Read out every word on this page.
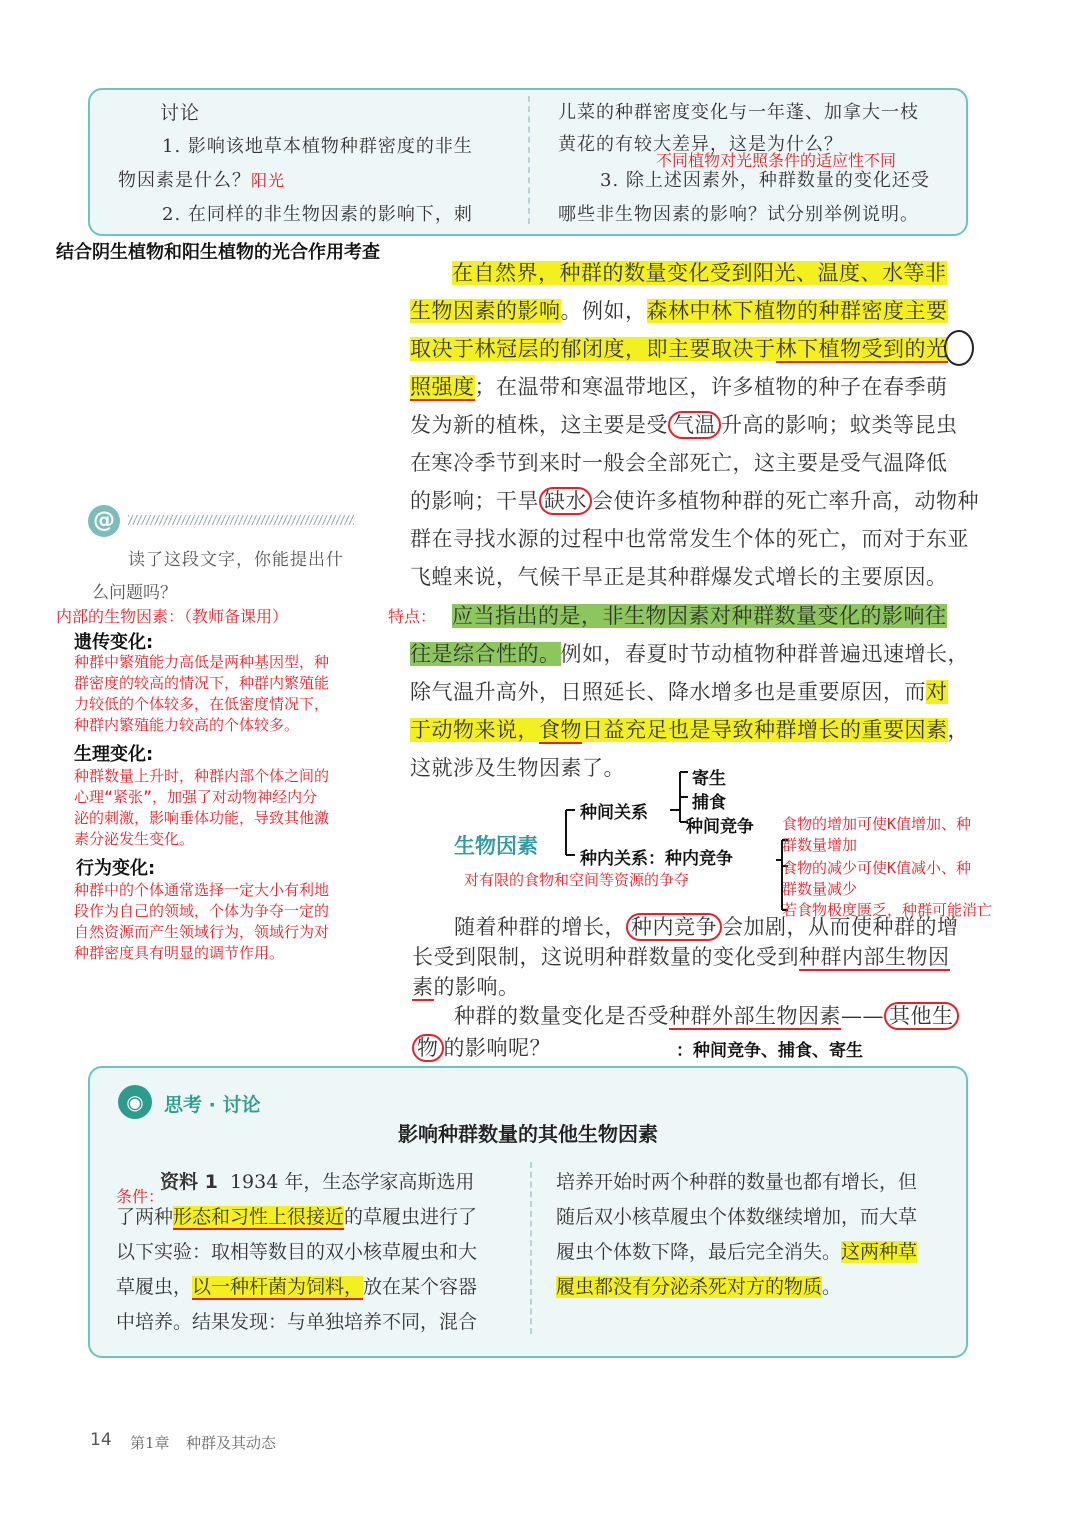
讨论
1. 影响该地草本植物种群密度的非生
物因素是什么？阳光
2. 在同样的非生物因素的影响下，刺
儿菜的种群密度变化与一年蓬、加拿大一枝
黄花的有较大差异，这是为什么？
不同植物对光照条件的适应性不同
3. 除上述因素外，种群数量的变化还受
哪些非生物因素的影响？试分别举例说明。
结合阴生植物和阳生植物的光合作用考查
在自然界，种群的数量变化受到阳光、温度、水等非
生物因素的影响。例如，森林中林下植物的种群密度主要
取决于林冠层的郁闭度，即主要取决于林下植物受到的光
照强度；在温带和寒温带地区，许多植物的种子在春季萌
发为新的植株，这主要是受 气温 升高的影响；蚊类等昆虫
在寒冷季节到来时一般会全部死亡，这主要是受气温降低
的影响；干旱 缺水 会使许多植物种群的死亡率升高，动物种
群在寻找水源的过程中也常常发生个体的死亡，而对于东亚
飞蝗来说，气候干旱正是其种群爆发式增长的主要原因。
@
读了这段文字，你能提出什
么问题吗？
内部的生物因素：（教师备课用）	特点：
遗传变化:
种群中繁殖能力高低是两种基因型，种
群密度的较高的情况下，种群内繁殖能
力较低的个体较多，在低密度情况下，
种群内繁殖能力较高的个体较多。
生理变化:
种群数量上升时，种群内部个体之间的
心理“紧张”，加强了对动物神经内分
泌的刺激，影响垂体功能，导致其他激
素分泌发生变化。
行为变化:
种群中的个体通常选择一定大小有利地
段作为自己的领域，个体为争夺一定的
自然资源而产生领域行为，领域行为对
种群密度具有明显的调节作用。
应当指出的是，非生物因素对种群数量变化的影响往
往是综合性的。例如，春夏时节动植物种群普遍迅速增长，
除气温升高外，日照延长、降水增多也是重要原因，而对
于动物来说，食物日益充足也是导致种群增长的重要因素，
这就涉及生物因素了。
生物因素
种间关系
寄生
捕食
种间竞争
种内关系：种内竞争
对有限的食物和空间等资源的争夺
食物的增加可使K值增加、种
群数量增加
食物的减少可使K值减小、种
群数量减少
若食物极度匮乏，种群可能消亡
随着种群的增长， 种内竞争 会加剧，从而使种群的增
长受到限制，这说明种群数量的变化受到种群内部生物因
素的影响。
种群的数量变化是否受种群外部生物因素—— 其他生
物 的影响呢？	：种间竞争、捕食、寄生
◉	思考 · 讨论
影响种群数量的其他生物因素
条件：
资料 1 1934 年，生态学家高斯选用
了两种形态和习性上很接近的草履虫进行了
以下实验：取相等数目的双小核草履虫和大
草履虫，以一种杆菌为饲料，放在某个容器
中培养。结果发现：与单独培养不同，混合
培养开始时两个种群的数量也都有增长，但
随后双小核草履虫个体数继续增加，而大草
履虫个体数下降，最后完全消失。这两种草
履虫都没有分泌杀死对方的物质。
14 第1章 种群及其动态
